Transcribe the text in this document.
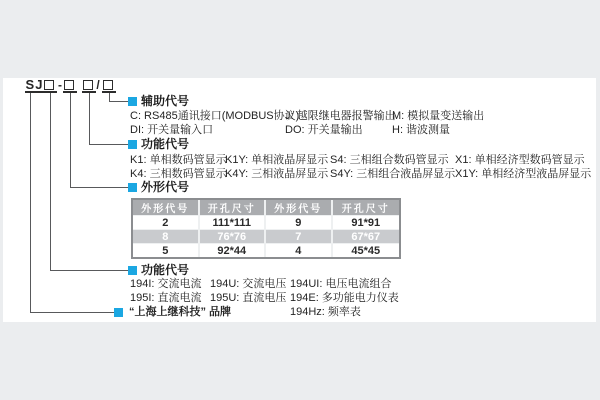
SJ -	/
辅助代号
C: RS485通讯接口(MODBUS协议)
J: 越限继电器报警输出
M: 模拟量变送输出
DI: 开关量输入口	DO: 开关量输出	H: 谐波测量
功能代号
K1: 单相数码管显示
K1Y: 单相液晶屏显示 S4: 三相组合数码管显示 X1: 单相经济型数码管显示
K4: 三相数码管显示
K4Y: 三相液晶屏显示 S4Y: 三相组合液晶屏显示 X1Y: 单相经济型液晶屏显示
外形代号
外形代号	开孔尺寸	外形代号	开孔尺寸
2	111*111	9	91*91
8	76*76	7	67*67
5	92*44	4	45*45
功能代号
194I: 交流电流 194U: 交流电压 194UI: 电压电流组合
195I: 直流电流 195U: 直流电压 194E: 多功能电力仪表
194Hz: 频率表
“上海上继科技” 品牌
